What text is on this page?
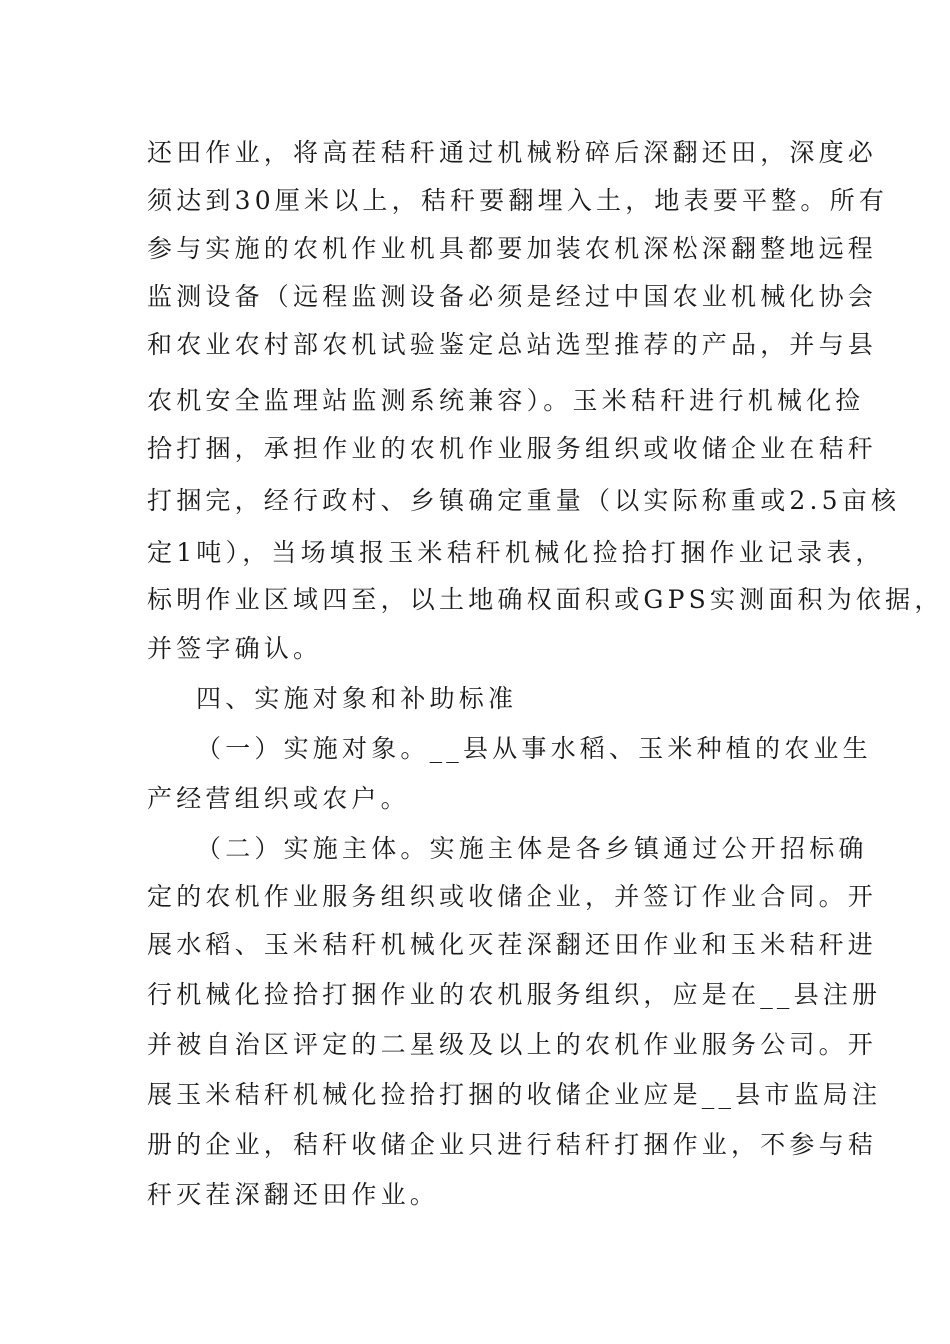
还田作业，将高茬秸秆通过机械粉碎后深翻还田，深度必
须达到30厘米以上，秸秆要翻埋入土，地表要平整。所有
参与实施的农机作业机具都要加装农机深松深翻整地远程
监测设备（远程监测设备必须是经过中国农业机械化协会
和农业农村部农机试验鉴定总站选型推荐的产品，并与县
农机安全监理站监测系统兼容）。玉米秸秆进行机械化捡
拾打捆，承担作业的农机作业服务组织或收储企业在秸秆
打捆完，经行政村、乡镇确定重量（以实际称重或2.5亩核
定1吨），当场填报玉米秸秆机械化捡拾打捆作业记录表，
标明作业区域四至，以土地确权面积或GPS实测面积为依据，
并签字确认。
四、实施对象和补助标准
（一）实施对象。__县从事水稻、玉米种植的农业生
产经营组织或农户。
（二）实施主体。实施主体是各乡镇通过公开招标确
定的农机作业服务组织或收储企业，并签订作业合同。开
展水稻、玉米秸秆机械化灭茬深翻还田作业和玉米秸秆进
行机械化捡拾打捆作业的农机服务组织，应是在__县注册
并被自治区评定的二星级及以上的农机作业服务公司。开
展玉米秸秆机械化捡拾打捆的收储企业应是__县市监局注
册的企业，秸秆收储企业只进行秸秆打捆作业，不参与秸
秆灭茬深翻还田作业。
